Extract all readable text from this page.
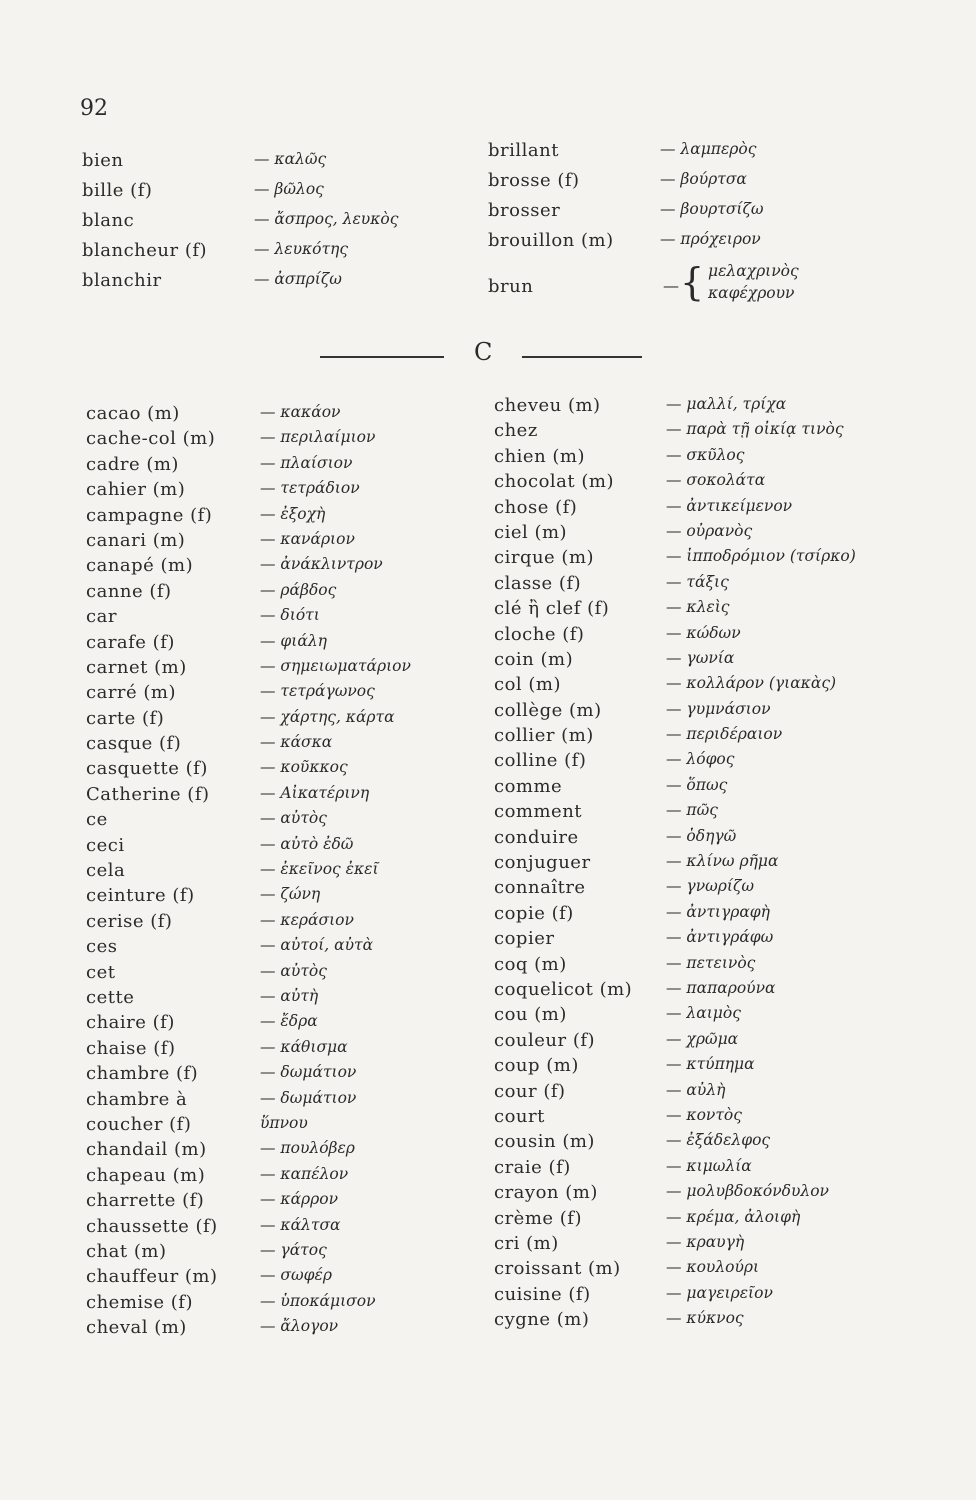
92
bien	— καλῶς
bille (f)	— βῶλος
blanc	— ἄσπρος, λευκὸς
blancheur (f)	— λευκότης
blanchir	— ἀσπρίζω
brillant	— λαμπερὸς
brosse (f)	— βούρτσα
brosser	— βουρτσίζω
brouillon (m)	— πρόχειρον
brun	— { μελαχρινὸς
καφέχρουν
C
cacao (m)	— κακάον
cache-col (m)	— περιλαίμιον
cadre (m)	— πλαίσιον
cahier (m)	— τετράδιον
campagne (f)	— ἐξοχὴ
canari (m)	— κανάριον
canapé (m)	— ἀνάκλιντρον
canne (f)	— ράβδος
car	— διότι
carafe (f)	— φιάλη
carnet (m)	— σημειωματάριον
carré (m)	— τετράγωνος
carte (f)	— χάρτης, κάρτα
casque (f)	— κάσκα
casquette (f)	— κοῦκκος
Catherine (f)	— Αἰκατέρινη
ce	— αὐτὸς
ceci	— αὐτὸ ἐδῶ
cela	— ἐκεῖνος ἐκεῖ
ceinture (f)	— ζώνη
cerise (f)	— κεράσιον
ces	— αὐτοί, αὐτὰ
cet	— αὐτὸς
cette	— αὐτὴ
chaire (f)	— ἔδρα
chaise (f)	— κάθισμα
chambre (f)	— δωμάτιον
chambre à	— δωμάτιον
coucher (f)	ὕπνου
chandail (m)	— πουλόβερ
chapeau (m)	— καπέλον
charrette (f)	— κάρρον
chaussette (f)	— κάλτσα
chat (m)	— γάτος
chauffeur (m)	— σωφέρ
chemise (f)	— ὑποκάμισον
cheval (m)	— ἄλογον
cheveu (m)	— μαλλί, τρίχα
chez	— παρὰ τῇ οἰκίᾳ τινὸς
chien (m)	— σκῦλος
chocolat (m)	— σοκολάτα
chose (f)	— ἀντικείμενον
ciel (m)	— οὐρανὸς
cirque (m)	— ἱπποδρόμιον (τσίρκο)
classe (f)	— τάξις
clé ἢ clef (f)	— κλεὶς
cloche (f)	— κώδων
coin (m)	— γωνία
col (m)	— κολλάρον (γιακὰς)
collège (m)	— γυμνάσιον
collier (m)	— περιδέραιον
colline (f)	— λόφος
comme	— ὅπως
comment	— πῶς
conduire	— ὁδηγῶ
conjuguer	— κλίνω ρῆμα
connaître	— γνωρίζω
copie (f)	— ἀντιγραφὴ
copier	— ἀντιγράφω
coq (m)	— πετεινὸς
coquelicot (m) — παπαρούνα
cou (m)	— λαιμὸς
couleur (f)	— χρῶμα
coup (m)	— κτύπημα
cour (f)	— αὐλὴ
court	— κοντὸς
cousin (m)	— ἐξάδελφος
craie (f)	— κιμωλία
crayon (m)	— μολυβδοκόνδυλον
crème (f)	— κρέμα, ἀλοιφὴ
cri (m)	— κραυγὴ
croissant (m)	— κουλούρι
cuisine (f)	— μαγειρεῖον
cygne (m)	— κύκνος
